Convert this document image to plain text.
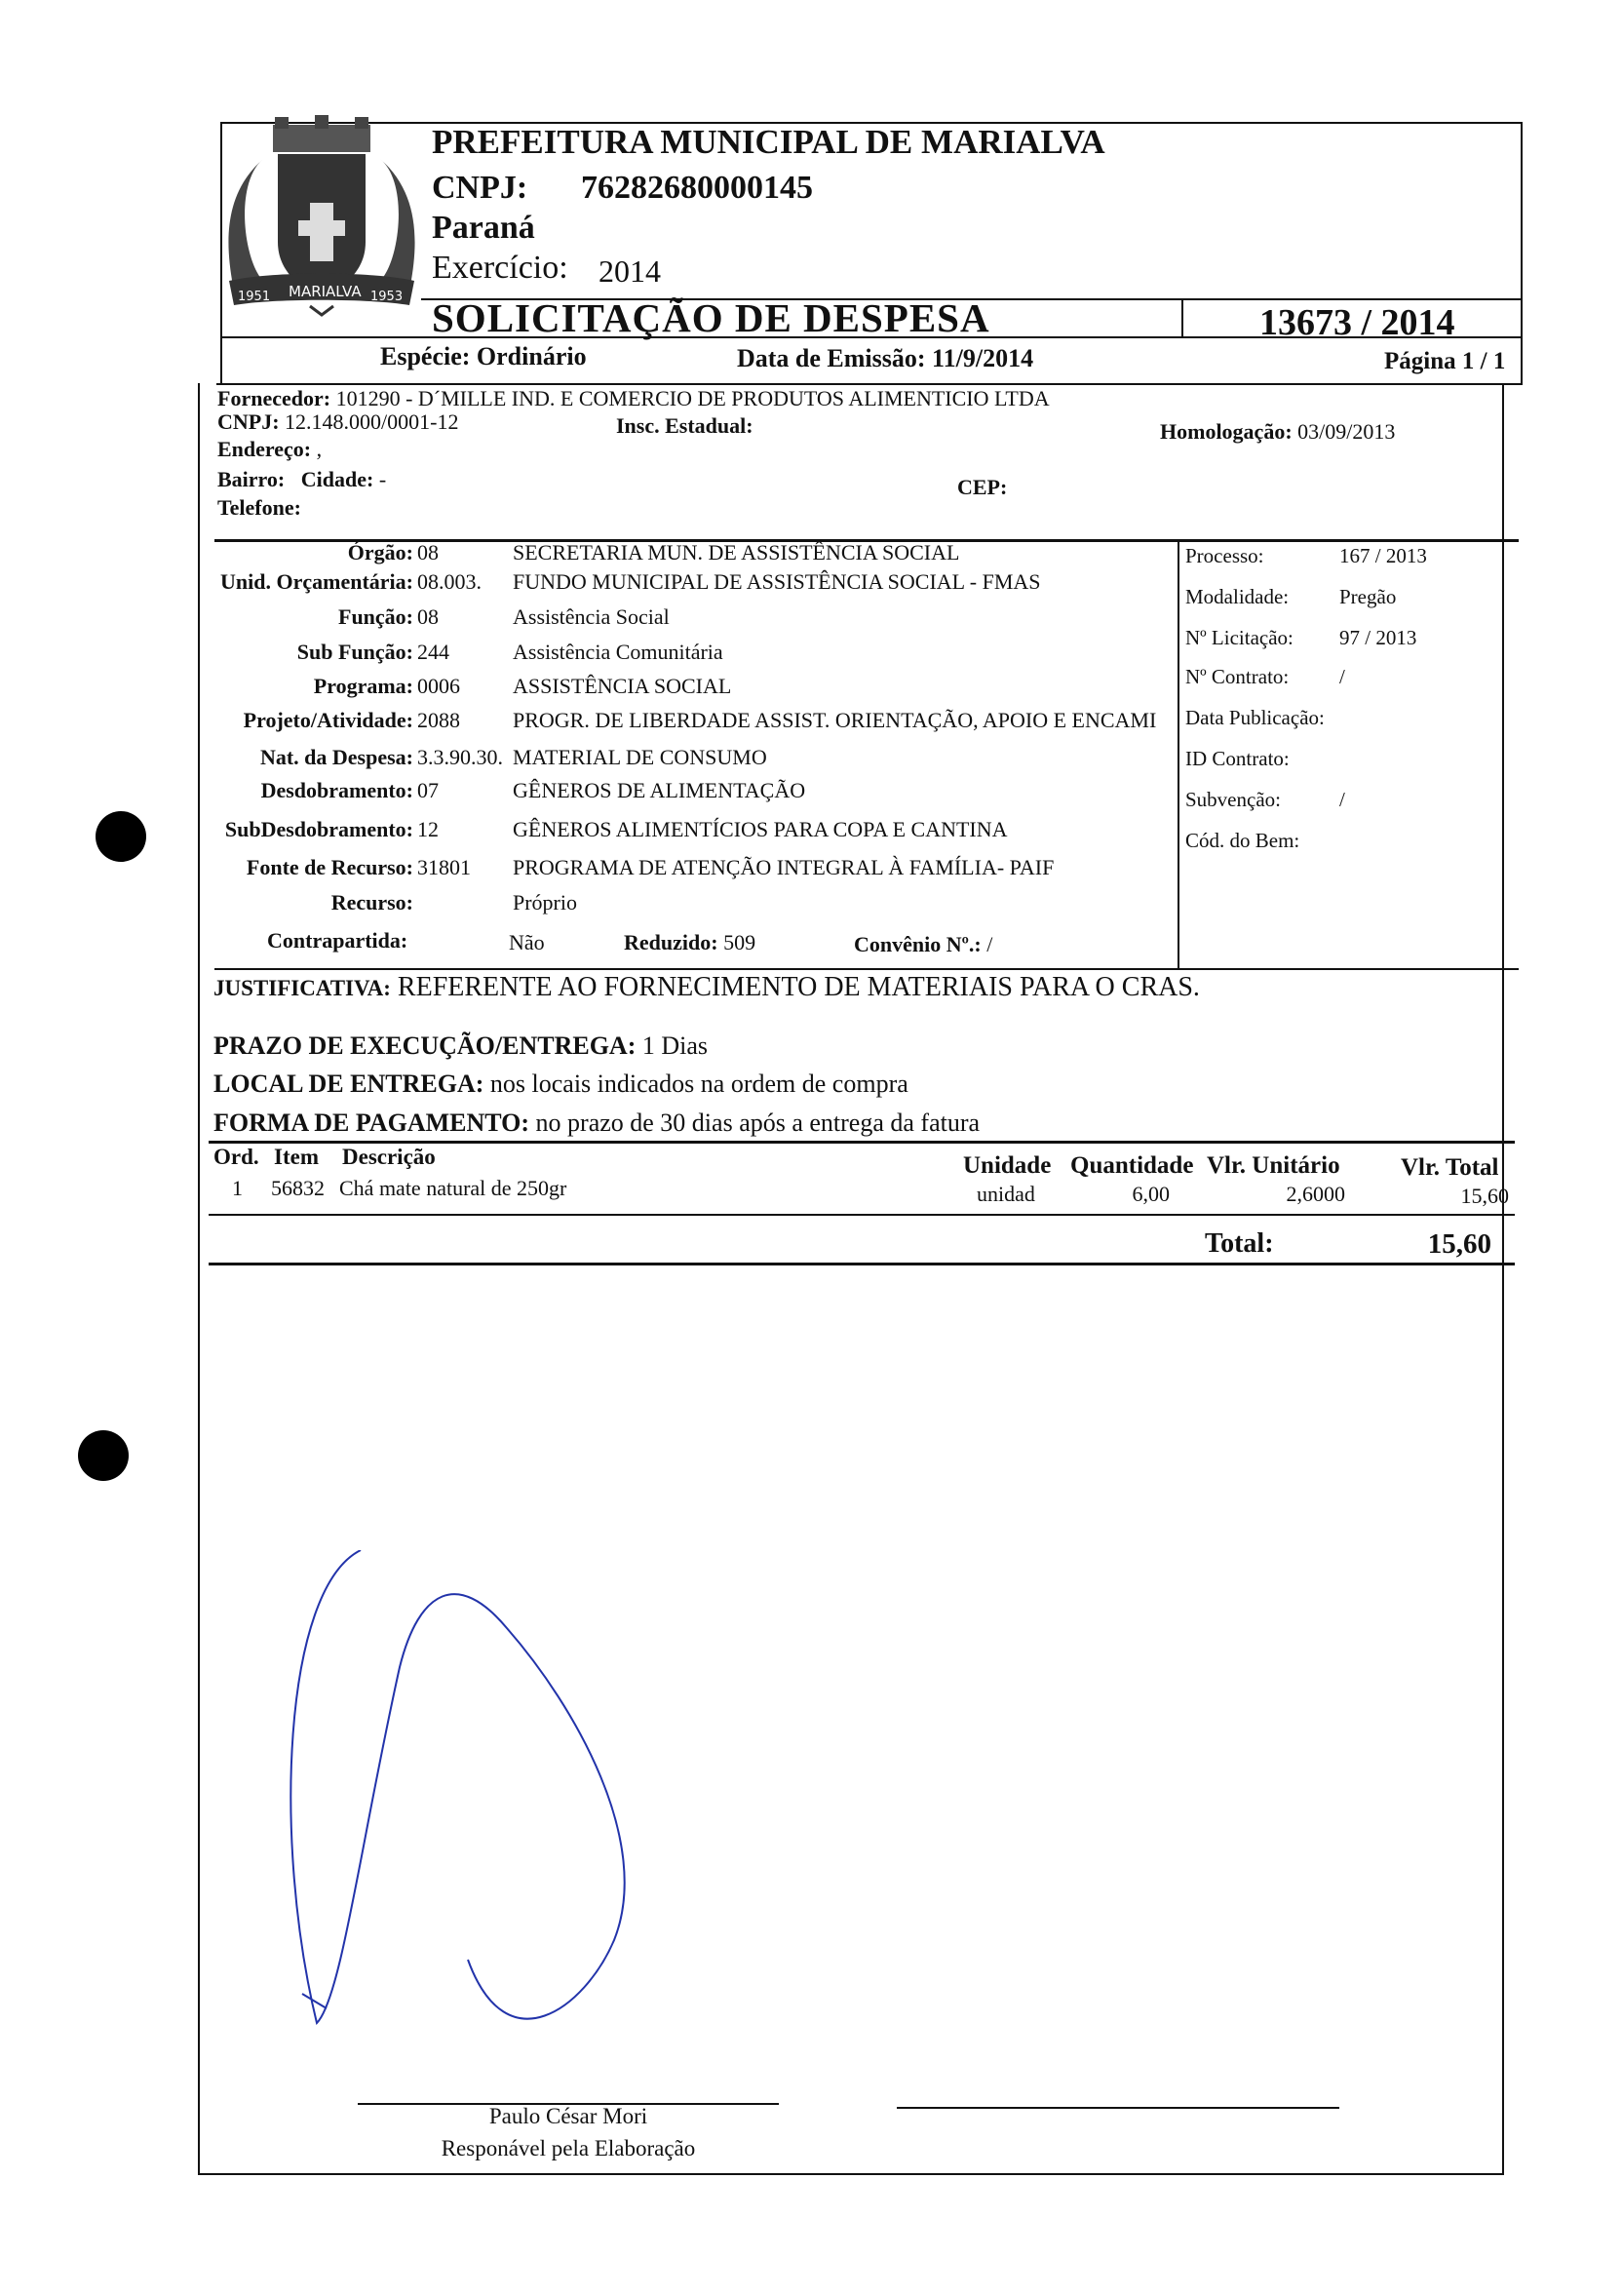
1951 MARIALVA 1953
PREFEITURA MUNICIPAL DE MARIALVA
CNPJ: 76282680000145
Paraná
Exercício: 2014
SOLICITAÇÃO DE DESPESA	13673 / 2014
Espécie: Ordinário	Data de Emissão: 11/9/2014	Página 1 / 1
Fornecedor: 101290 - D´MILLE IND. E COMERCIO DE PRODUTOS ALIMENTICIO LTDA
CNPJ: 12.148.000/0001-12	Insc. Estadual:	Homologação: 03/09/2013
Endereço: ,
Bairro: Cidade: -	CEP:
Telefone:
Órgão: 08	SECRETARIA MUN. DE ASSISTÊNCIA SOCIAL
Unid. Orçamentária: 08.003. FUNDO MUNICIPAL DE ASSISTÊNCIA SOCIAL - FMAS
Função: 08	Assistência Social
Sub Função: 244	Assistência Comunitária
Programa: 0006 ASSISTÊNCIA SOCIAL
Projeto/Atividade: 2088 PROGR. DE LIBERDADE ASSIST. ORIENTAÇÃO, APOIO E ENCAMI
Nat. da Despesa: 3.3.90.30. MATERIAL DE CONSUMO
Desdobramento: 07	GÊNEROS DE ALIMENTAÇÃO
SubDesdobramento: 12	GÊNEROS ALIMENTÍCIOS PARA COPA E CANTINA
Fonte de Recurso: 31801 PROGRAMA DE ATENÇÃO INTEGRAL À FAMÍLIA- PAIF
Recurso:	Próprio
Processo:	167 / 2013
Modalidade: Pregão
Nº Licitação: 97 / 2013
Nº Contrato: /
Data Publicação:
ID Contrato:
Subvenção:	/
Cód. do Bem:
Contrapartida:	Não	Reduzido: 509	Convênio Nº.: /
JUSTIFICATIVA: REFERENTE AO FORNECIMENTO DE MATERIAIS PARA O CRAS.
PRAZO DE EXECUÇÃO/ENTREGA: 1 Dias
LOCAL DE ENTREGA: nos locais indicados na ordem de compra
FORMA DE PAGAMENTO: no prazo de 30 dias após a entrega da fatura
Ord. Item Descrição	Unidade Quantidade Vlr. Unitário Vlr. Total
1 56832 Chá mate natural de 250gr	unidad	6,00	2,6000	15,60
Total:	15,60
Paulo César Mori
Responável pela Elaboração
